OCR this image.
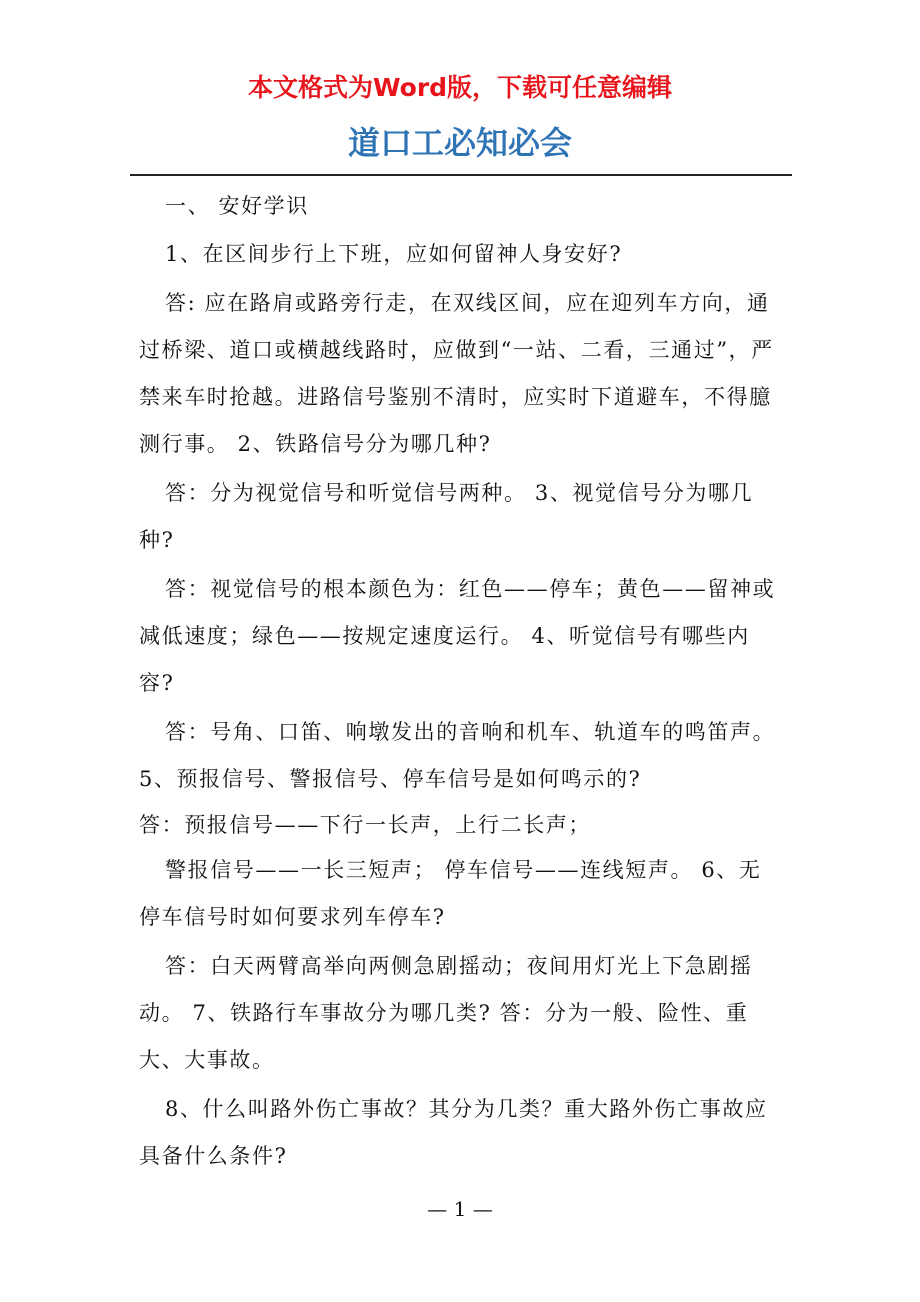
本文格式为Word版，下载可任意编辑
道口工必知必会

一、 安好学识

1、在区间步行上下班，应如何留神人身安好?

答: 应在路肩或路旁行走，在双线区间，应在迎列车方向，通过桥梁、道口或横越线路时，应做到“一站、二看，三通过”，严禁来车时抢越。进路信号鉴别不清时，应实时下道避车，不得臆测行事。 2、铁路信号分为哪几种?

答：分为视觉信号和听觉信号两种。 3、视觉信号分为哪几种?

答：视觉信号的根本颜色为：红色——停车；黄色——留神或减低速度；绿色——按规定速度运行。 4、听觉信号有哪些内容?

答：号角、口笛、响墩发出的音响和机车、轨道车的鸣笛声。 5、预报信号、警报信号、停车信号是如何鸣示的?

答：预报信号——下行一长声，上行二长声；

警报信号——一长三短声； 停车信号——连线短声。 6、无停车信号时如何要求列车停车?

答：白天两臂高举向两侧急剧摇动；夜间用灯光上下急剧摇动。 7、铁路行车事故分为哪几类? 答：分为一般、险性、重大、大事故。

8、什么叫路外伤亡事故？其分为几类？重大路外伤亡事故应具备什么条件?

— 1 —
